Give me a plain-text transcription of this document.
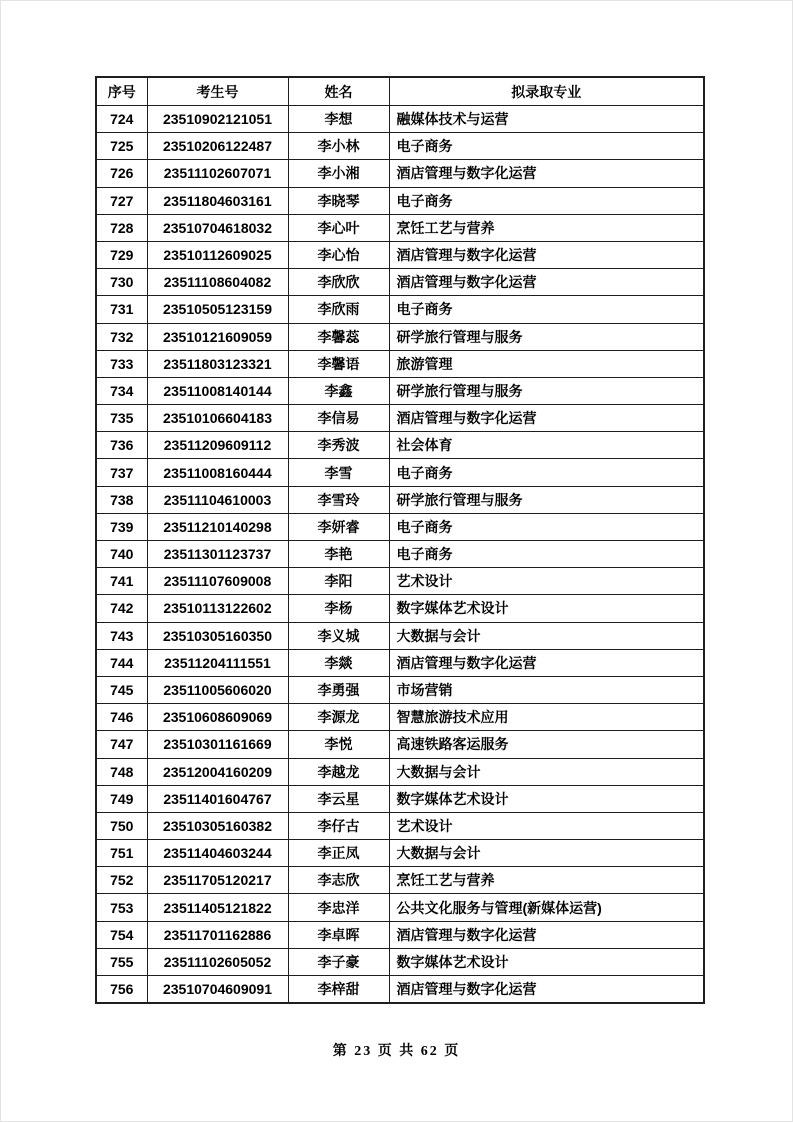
序号	考生号	姓名	拟录取专业
724	23510902121051	李想	融媒体技术与运营
725	23510206122487	李小林	电子商务
726	23511102607071	李小湘	酒店管理与数字化运营
727	23511804603161	李晓琴	电子商务
728	23510704618032	李心叶	烹饪工艺与营养
729	23510112609025	李心怡	酒店管理与数字化运营
730	23511108604082	李欣欣	酒店管理与数字化运营
731	23510505123159	李欣雨	电子商务
732	23510121609059	李馨蕊	研学旅行管理与服务
733	23511803123321	李馨语	旅游管理
734	23511008140144	李鑫	研学旅行管理与服务
735	23510106604183	李信易	酒店管理与数字化运营
736	23511209609112	李秀波	社会体育
737	23511008160444	李雪	电子商务
738	23511104610003	李雪玲	研学旅行管理与服务
739	23511210140298	李妍睿	电子商务
740	23511301123737	李艳	电子商务
741	23511107609008	李阳	艺术设计
742	23510113122602	李杨	数字媒体艺术设计
743	23510305160350	李义城	大数据与会计
744	23511204111551	李燚	酒店管理与数字化运营
745	23511005606020	李勇强	市场营销
746	23510608609069	李源龙	智慧旅游技术应用
747	23510301161669	李悦	高速铁路客运服务
748	23512004160209	李越龙	大数据与会计
749	23511401604767	李云星	数字媒体艺术设计
750	23510305160382	李仔古	艺术设计
751	23511404603244	李正凤	大数据与会计
752	23511705120217	李志欣	烹饪工艺与营养
753	23511405121822	李忠洋	公共文化服务与管理(新媒体运营)
754	23511701162886	李卓晖	酒店管理与数字化运营
755	23511102605052	李子豪	数字媒体艺术设计
756	23510704609091	李梓甜	酒店管理与数字化运营
第 23 页 共 62 页
